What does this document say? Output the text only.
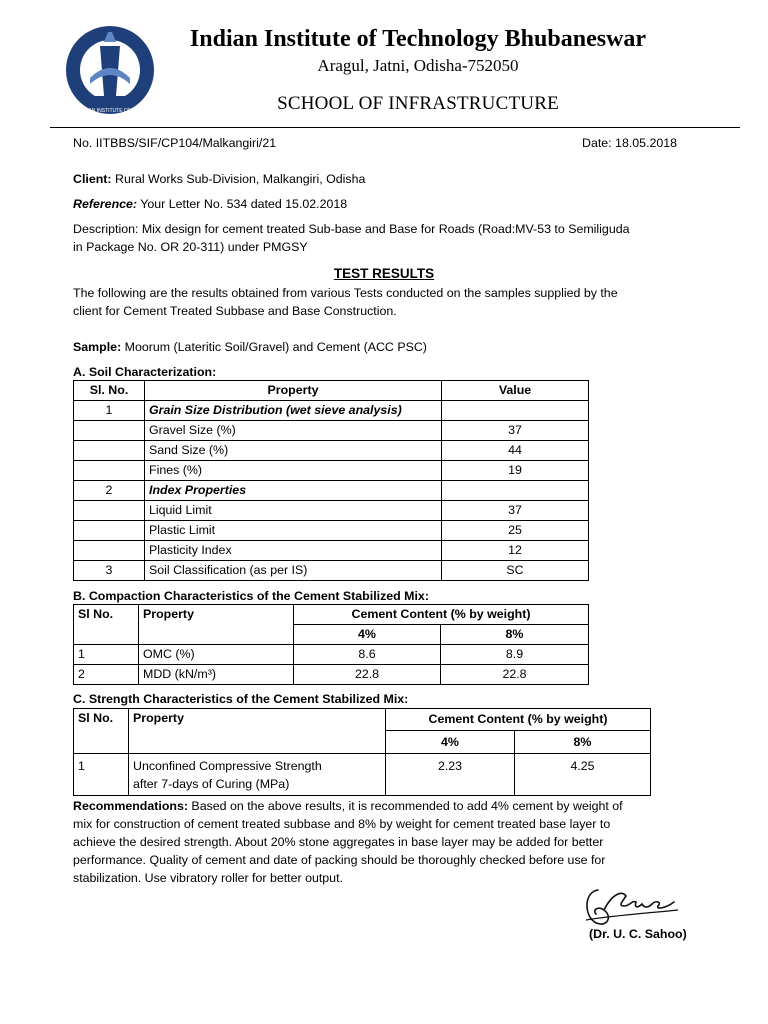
भारतीय प्रौद्योगिकी संस्थान भुवनेश्वर INDIAN INSTITUTE OF TECHNOLOGY BHUBANESWAR
Indian Institute of Technology Bhubaneswar
Aragul, Jatni, Odisha-752050
SCHOOL OF INFRASTRUCTURE
No. IITBBS/SIF/CP104/Malkangiri/21	Date: 18.05.2018
Client: Rural Works Sub-Division, Malkangiri, Odisha
Reference: Your Letter No. 534 dated 15.02.2018
Description: Mix design for cement treated Sub-base and Base for Roads (Road:MV-53 to Semiliguda
in Package No. OR 20-311) under PMGSY
TEST RESULTS
The following are the results obtained from various Tests conducted on the samples supplied by the
client for Cement Treated Subbase and Base Construction.
Sample: Moorum (Lateritic Soil/Gravel) and Cement (ACC PSC)
A. Soil Characterization:
Sl. No.	Property	Value
1	Grain Size Distribution (wet sieve analysis)	
	Gravel Size (%)	37
	Sand Size (%)	44
	Fines (%)	19
2	Index Properties	
	Liquid Limit	37
	Plastic Limit	25
	Plasticity Index	12
3	Soil Classification (as per IS)	SC
B. Compaction Characteristics of the Cement Stabilized Mix:
Sl No.	Property	Cement Content (% by weight)	
		4%	8%
1	OMC (%)	8.6	8.9
2	MDD (kN/m³)	22.8	22.8
C. Strength Characteristics of the Cement Stabilized Mix:
Sl No.	Property	Cement Content (% by weight)	
		4%	8%
1	Unconfined Compressive Strength
after 7-days of Curing (MPa)	2.23	4.25
Recommendations: Based on the above results, it is recommended to add 4% cement by weight of
mix for construction of cement treated subbase and 8% by weight for cement treated base layer to
achieve the desired strength. About 20% stone aggregates in base layer may be added for better
performance. Quality of cement and date of packing should be thoroughly checked before use for
stabilization. Use vibratory roller for better output.
(Dr. U. C. Sahoo)
